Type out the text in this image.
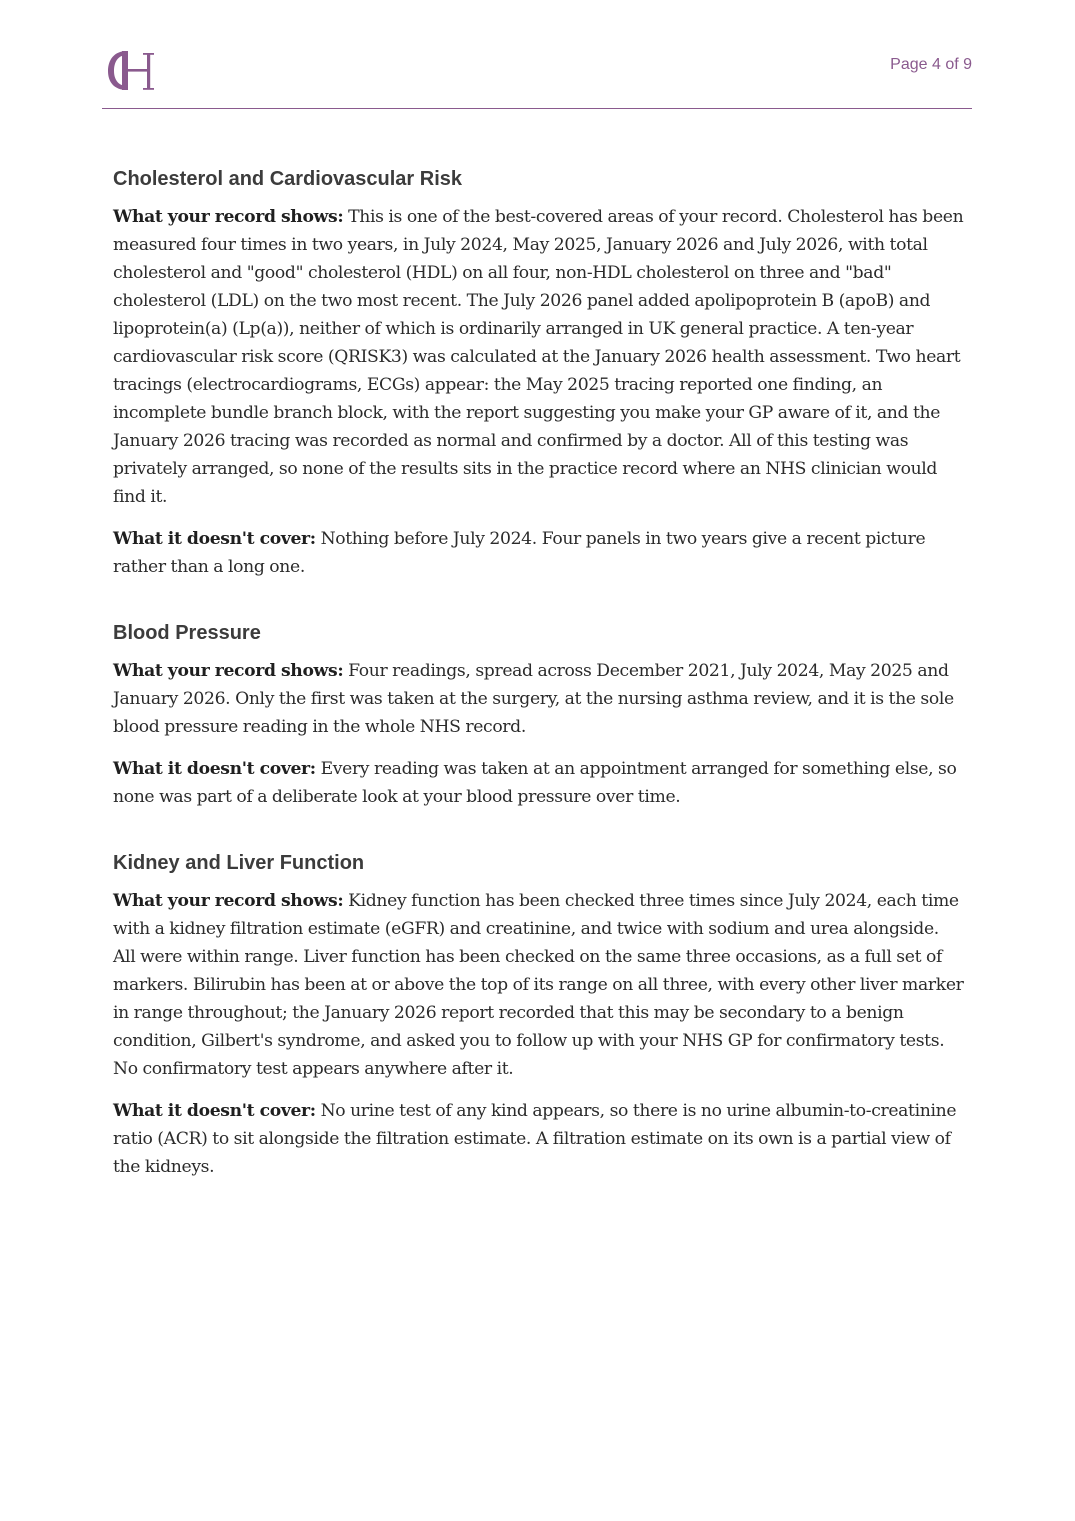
Page 4 of 9
Cholesterol and Cardiovascular Risk

What your record shows: This is one of the best-covered areas of your record. Cholesterol has been measured four times in two years, in July 2024, May 2025, January 2026 and July 2026, with total cholesterol and "good" cholesterol (HDL) on all four, non-HDL cholesterol on three and "bad" cholesterol (LDL) on the two most recent. The July 2026 panel added apolipoprotein B (apoB) and lipoprotein(a) (Lp(a)), neither of which is ordinarily arranged in UK general practice. A ten-year cardiovascular risk score (QRISK3) was calculated at the January 2026 health assessment. Two heart tracings (electrocardiograms, ECGs) appear: the May 2025 tracing reported one finding, an incomplete bundle branch block, with the report suggesting you make your GP aware of it, and the January 2026 tracing was recorded as normal and confirmed by a doctor. All of this testing was privately arranged, so none of the results sits in the practice record where an NHS clinician would find it.

What it doesn't cover: Nothing before July 2024. Four panels in two years give a recent picture rather than a long one.

Blood Pressure

What your record shows: Four readings, spread across December 2021, July 2024, May 2025 and January 2026. Only the first was taken at the surgery, at the nursing asthma review, and it is the sole blood pressure reading in the whole NHS record.

What it doesn't cover: Every reading was taken at an appointment arranged for something else, so none was part of a deliberate look at your blood pressure over time.

Kidney and Liver Function

What your record shows: Kidney function has been checked three times since July 2024, each time with a kidney filtration estimate (eGFR) and creatinine, and twice with sodium and urea alongside. All were within range. Liver function has been checked on the same three occasions, as a full set of markers. Bilirubin has been at or above the top of its range on all three, with every other liver marker in range throughout; the January 2026 report recorded that this may be secondary to a benign condition, Gilbert's syndrome, and asked you to follow up with your NHS GP for confirmatory tests. No confirmatory test appears anywhere after it.

What it doesn't cover: No urine test of any kind appears, so there is no urine albumin-to-creatinine ratio (ACR) to sit alongside the filtration estimate. A filtration estimate on its own is a partial view of the kidneys.
